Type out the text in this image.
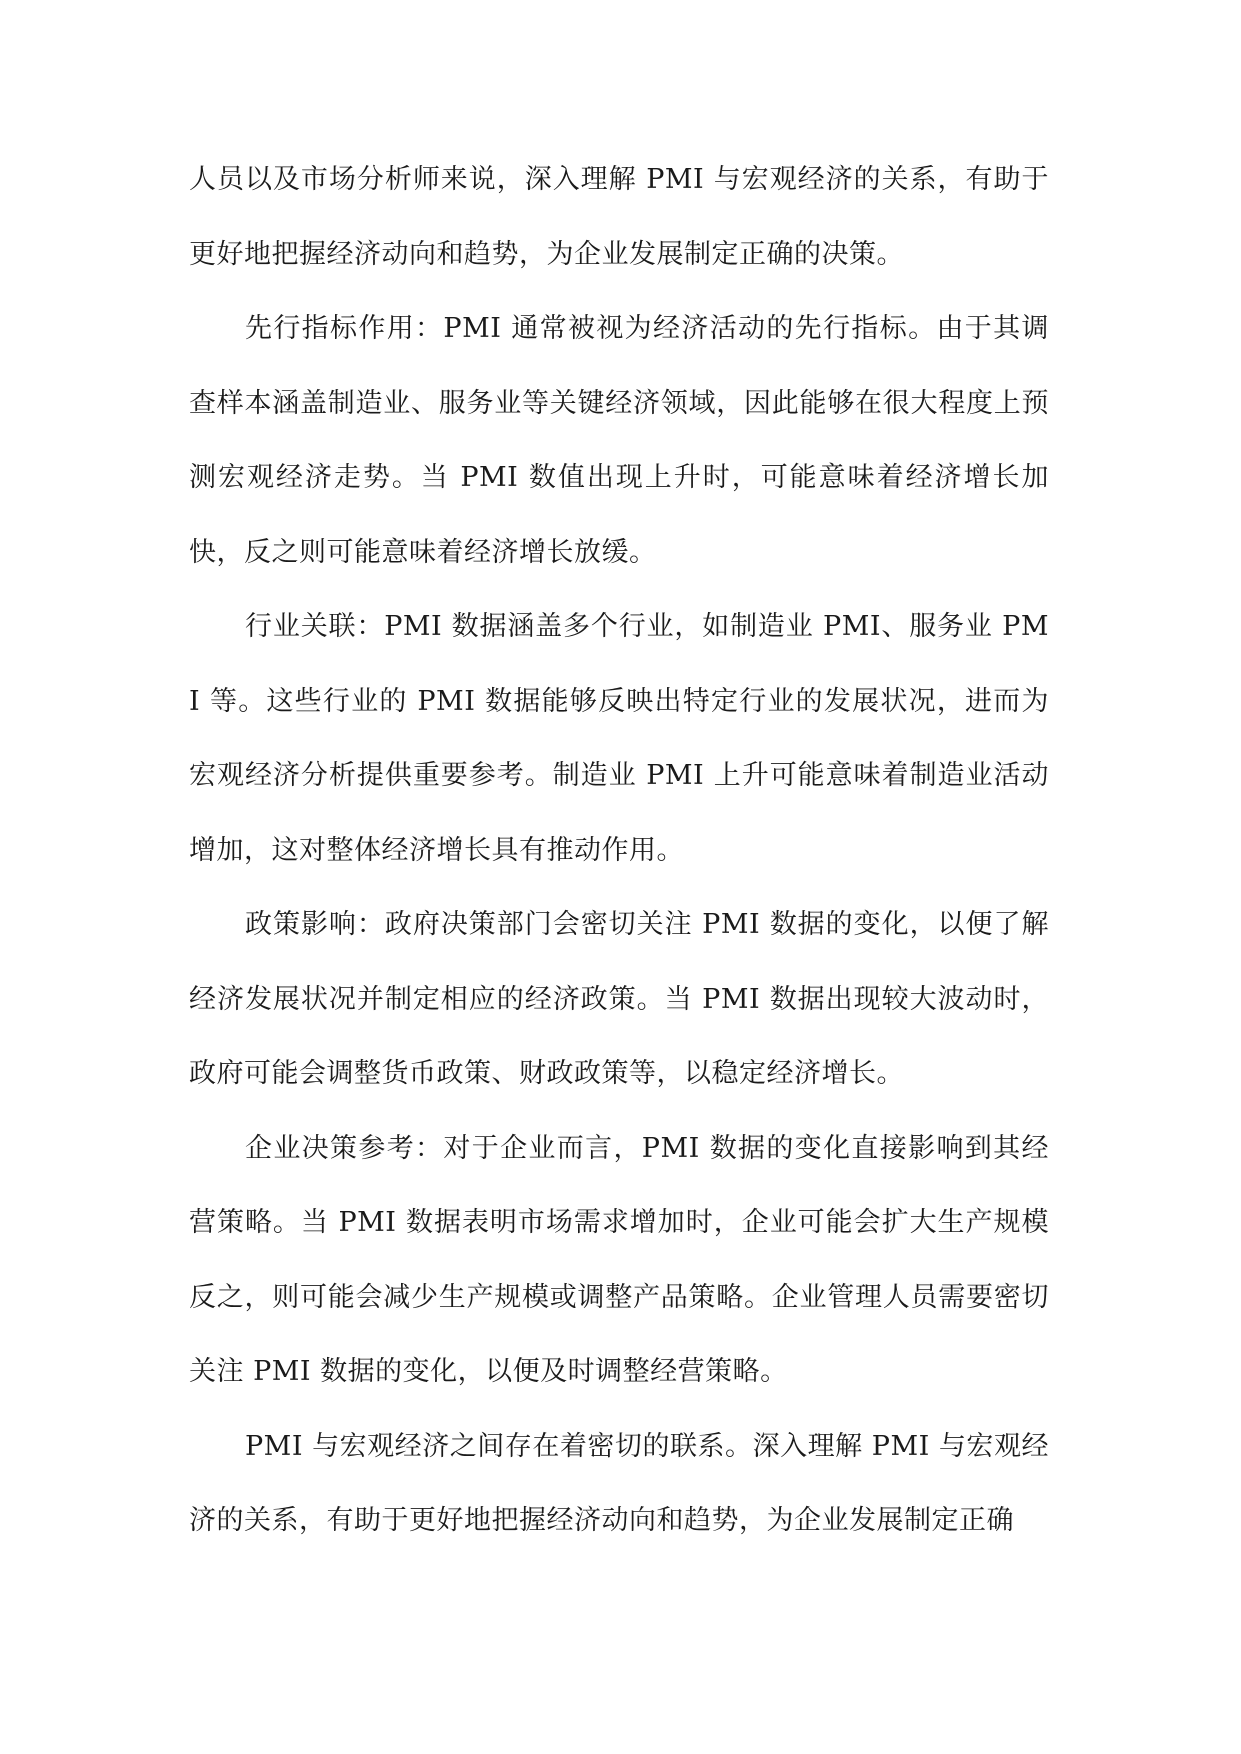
人员以及市场分析师来说，深入理解 PMI 与宏观经济的关系，有助于更好地把握经济动向和趋势，为企业发展制定正确的决策。

先行指标作用：PMI 通常被视为经济活动的先行指标。由于其调查样本涵盖制造业、服务业等关键经济领域，因此能够在很大程度上预测宏观经济走势。当 PMI 数值出现上升时，可能意味着经济增长加快，反之则可能意味着经济增长放缓。

行业关联：PMI 数据涵盖多个行业，如制造业 PMI、服务业 PMI 等。这些行业的 PMI 数据能够反映出特定行业的发展状况，进而为宏观经济分析提供重要参考。制造业 PMI 上升可能意味着制造业活动增加，这对整体经济增长具有推动作用。

政策影响：政府决策部门会密切关注 PMI 数据的变化，以便了解经济发展状况并制定相应的经济政策。当 PMI 数据出现较大波动时，政府可能会调整货币政策、财政政策等，以稳定经济增长。

企业决策参考：对于企业而言，PMI 数据的变化直接影响到其经营策略。当 PMI 数据表明市场需求增加时，企业可能会扩大生产规模反之，则可能会减少生产规模或调整产品策略。企业管理人员需要密切关注 PMI 数据的变化，以便及时调整经营策略。

PMI 与宏观经济之间存在着密切的联系。深入理解 PMI 与宏观经济的关系，有助于更好地把握经济动向和趋势，为企业发展制定正确
